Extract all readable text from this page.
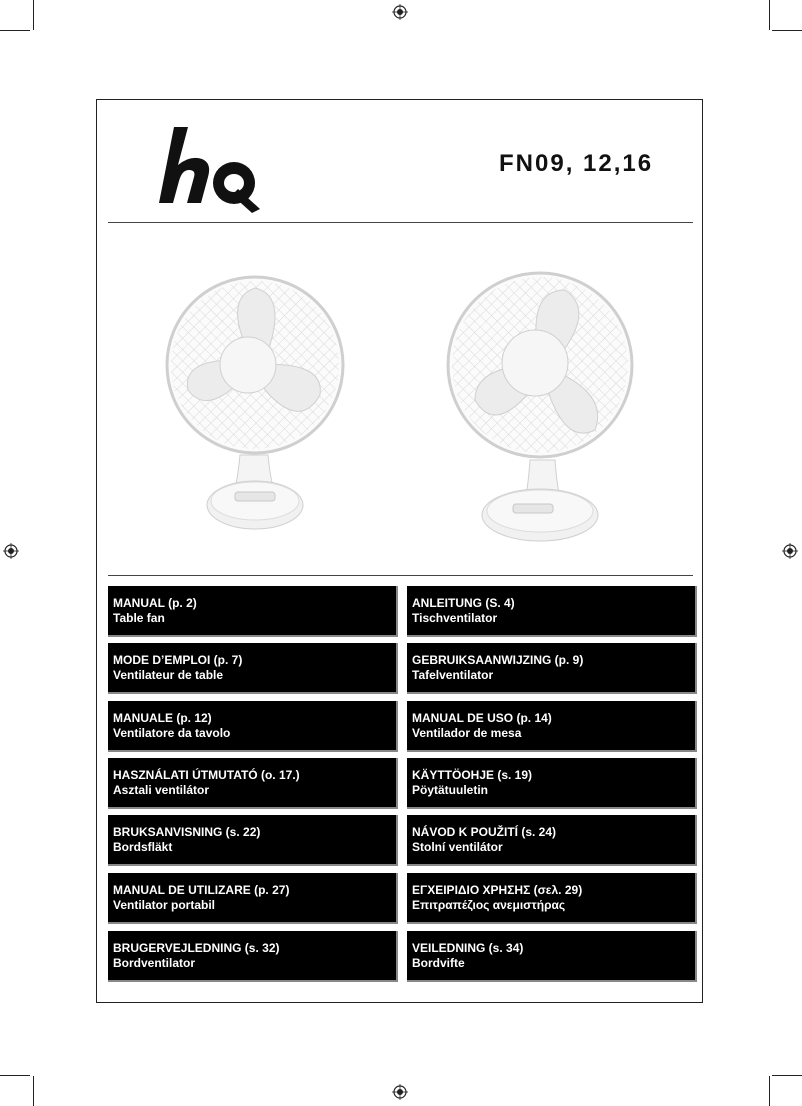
FN09, 12,16
MANUAL (p. 2)
Table fan
ANLEITUNG (S. 4)
Tischventilator
MODE D’EMPLOI (p. 7)
Ventilateur de table
GEBRUIKSAANWIJZING (p. 9)
Tafelventilator
MANUALE (p. 12)
Ventilatore da tavolo
MANUAL DE USO (p. 14)
Ventilador de mesa
HASZNÁLATI ÚTMUTATÓ (o. 17.)
Asztali ventilátor
KÄYTTÖOHJE (s. 19)
Pöytätuuletin
BRUKSANVISNING (s. 22)
Bordsfläkt
NÁVOD K POUŽITÍ (s. 24)
Stolní ventilátor
MANUAL DE UTILIZARE (p. 27)
Ventilator portabil
ΕΓΧΕΙΡΙΔΙΟ ΧΡΗΣΗΣ (σελ. 29)
Επιτραπέζιος ανεμιστήρας
BRUGERVEJLEDNING (s. 32)
Bordventilator
VEILEDNING (s. 34)
Bordvifte
